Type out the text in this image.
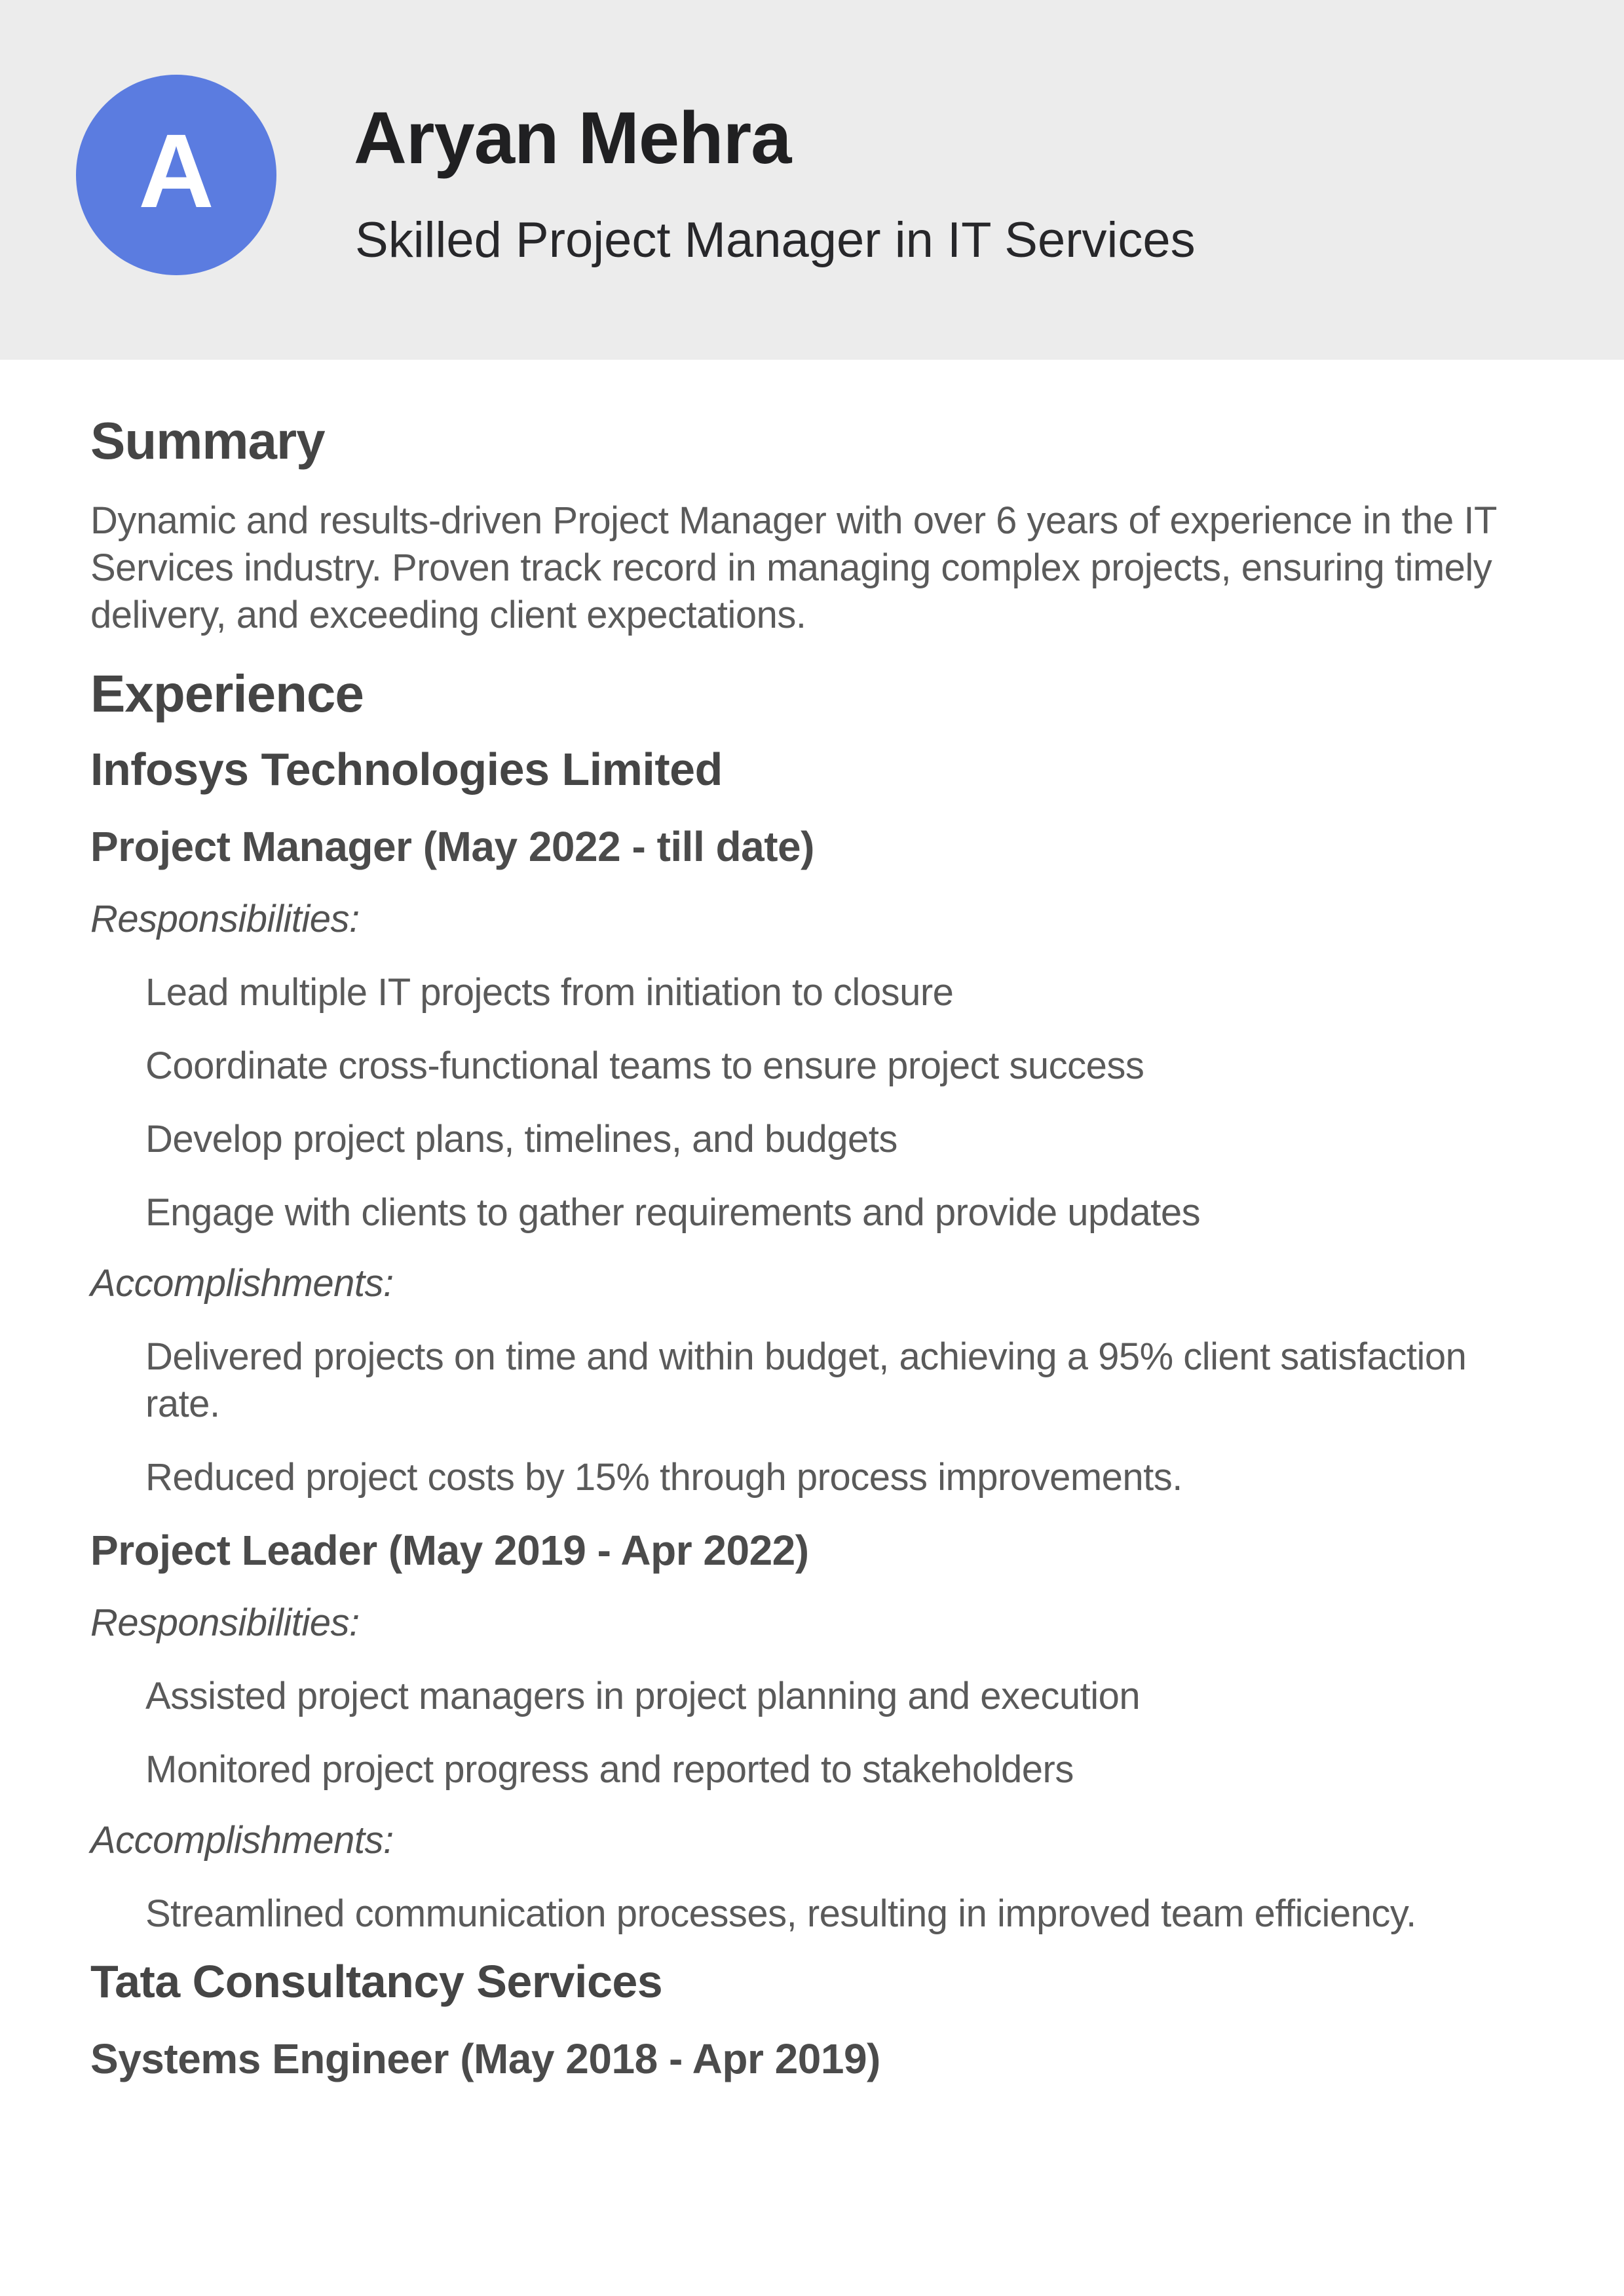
A Aryan Mehra
Skilled Project Manager in IT Services
Summary

Dynamic and results-driven Project Manager with over 6 years of experience in the IT Services industry. Proven track record in managing complex projects, ensuring timely delivery, and exceeding client expectations.

Experience
Infosys Technologies Limited
Project Manager (May 2022 - till date)

Responsibilities:

Lead multiple IT projects from initiation to closure
Coordinate cross-functional teams to ensure project success
Develop project plans, timelines, and budgets
Engage with clients to gather requirements and provide updates

Accomplishments:

Delivered projects on time and within budget, achieving a 95% client satisfaction rate.
Reduced project costs by 15% through process improvements.
Project Leader (May 2019 - Apr 2022)

Responsibilities:

Assisted project managers in project planning and execution
Monitored project progress and reported to stakeholders

Accomplishments:

Streamlined communication processes, resulting in improved team efficiency.
Tata Consultancy Services
Systems Engineer (May 2018 - Apr 2019)
